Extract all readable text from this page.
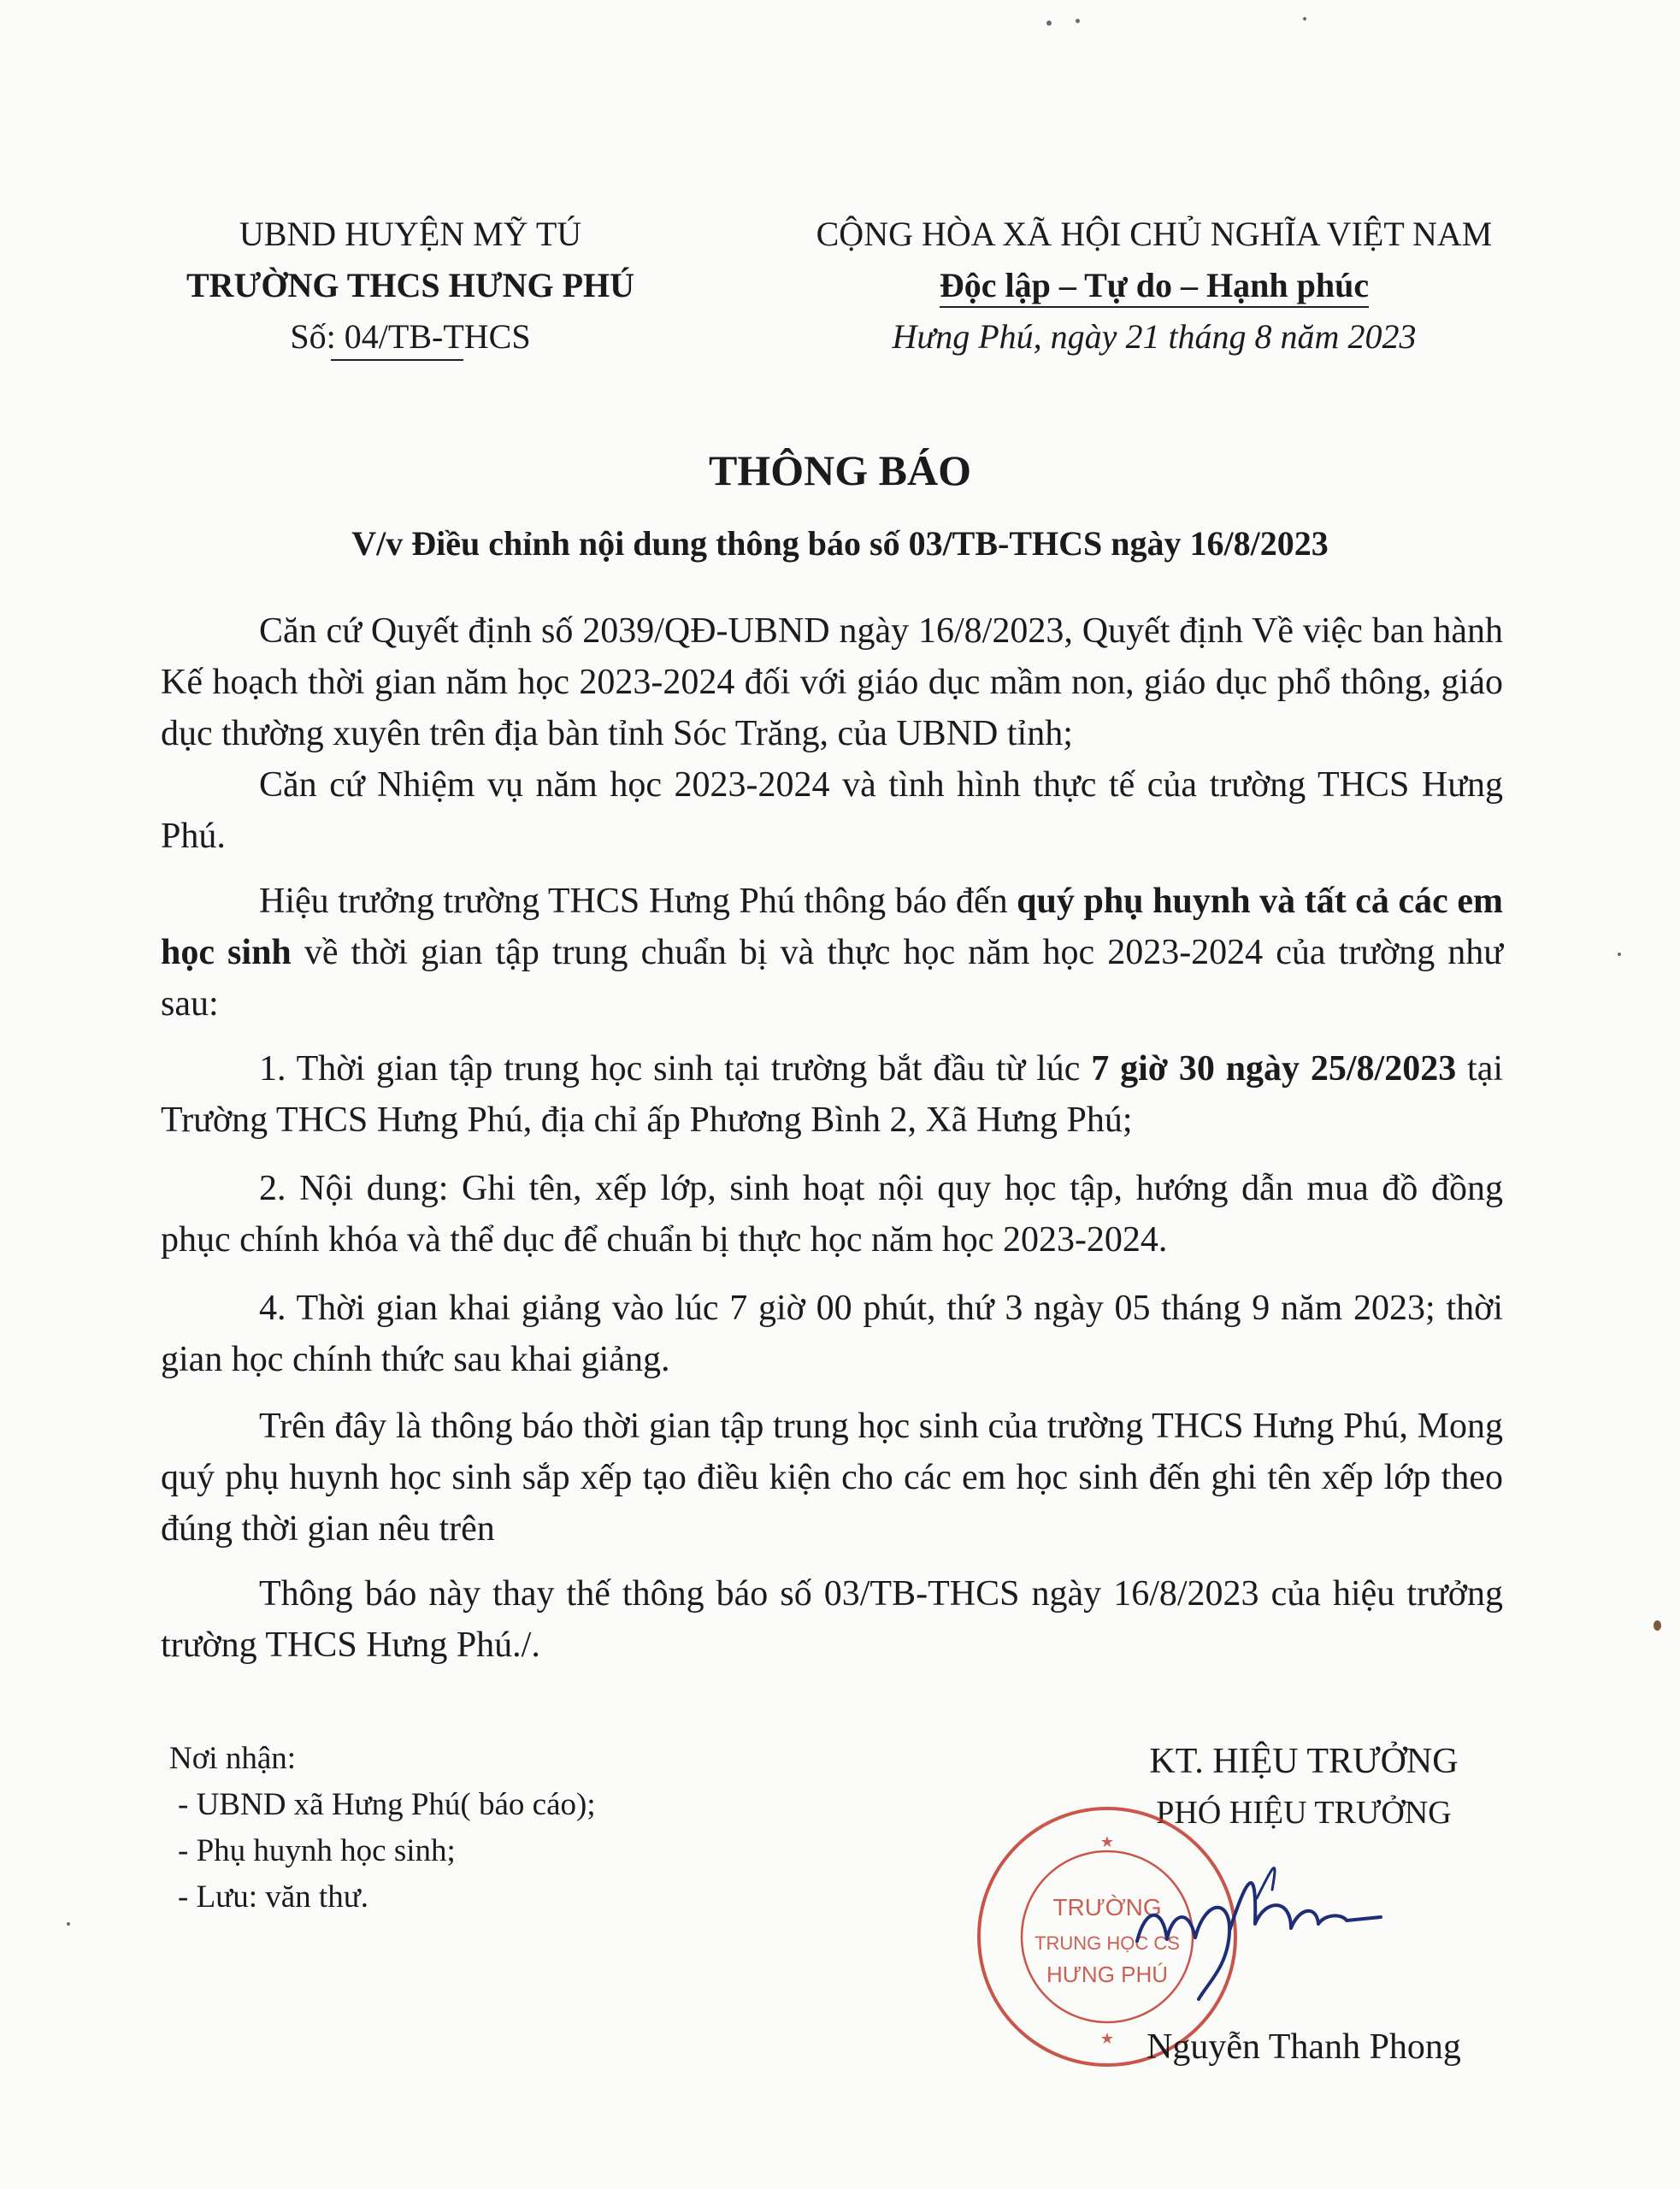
UBND HUYỆN MỸ TÚ
TRƯỜNG THCS HƯNG PHÚ
Số: 04/TB-THCS
CỘNG HÒA XÃ HỘI CHỦ NGHĨA VIỆT NAM
Độc lập – Tự do – Hạnh phúc
Hưng Phú, ngày 21 tháng 8 năm 2023
THÔNG BÁO
V/v Điều chỉnh nội dung thông báo số 03/TB-THCS ngày 16/8/2023
Căn cứ Quyết định số 2039/QĐ-UBND ngày 16/8/2023, Quyết định Về việc ban hành Kế hoạch thời gian năm học 2023-2024 đối với giáo dục mầm non, giáo dục phổ thông, giáo dục thường xuyên trên địa bàn tỉnh Sóc Trăng, của UBND tỉnh;
Căn cứ Nhiệm vụ năm học 2023-2024 và tình hình thực tế của trường THCS Hưng Phú.
Hiệu trưởng trường THCS Hưng Phú thông báo đến quý phụ huynh và tất cả các em học sinh về thời gian tập trung chuẩn bị và thực học năm học 2023-2024 của trường như sau:
1. Thời gian tập trung học sinh tại trường bắt đầu từ lúc 7 giờ 30 ngày 25/8/2023 tại Trường THCS Hưng Phú, địa chỉ ấp Phương Bình 2, Xã Hưng Phú;
2. Nội dung: Ghi tên, xếp lớp, sinh hoạt nội quy học tập, hướng dẫn mua đồ đồng phục chính khóa và thể dục để chuẩn bị thực học năm học 2023-2024.
4. Thời gian khai giảng vào lúc 7 giờ 00 phút, thứ 3 ngày 05 tháng 9 năm 2023; thời gian học chính thức sau khai giảng.
Trên đây là thông báo thời gian tập trung học sinh của trường THCS Hưng Phú, Mong quý phụ huynh học sinh sắp xếp tạo điều kiện cho các em học sinh đến ghi tên xếp lớp theo đúng thời gian nêu trên
Thông báo này thay thế thông báo số 03/TB-THCS ngày 16/8/2023 của hiệu trưởng trường THCS Hưng Phú./.
Nơi nhận:
- UBND xã Hưng Phú( báo cáo);
- Phụ huynh học sinh;
- Lưu: văn thư.
KT. HIỆU TRƯỞNG
PHÓ HIỆU TRƯỞNG
TRƯỜNG
TRUNG HỌC CS
HƯNG PHÚ
★
★ Nguyễn Thanh Phong
